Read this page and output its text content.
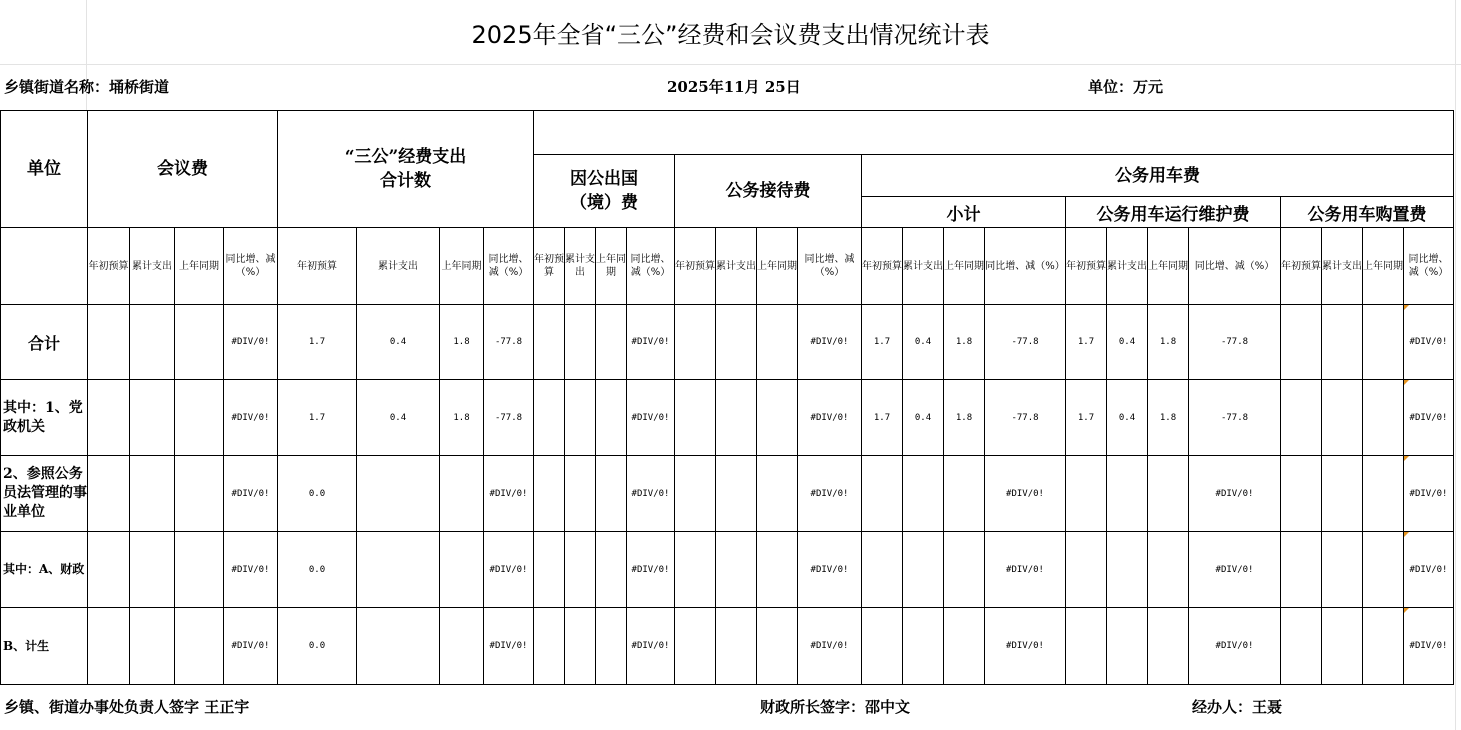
2025年全省“三公”经费和会议费支出情况统计表
乡镇街道名称：埇桥街道	2025年11月 25日	单位：万元
单位	会议费				“三公”经费支出合计数																							
									因公出国（境）费				公务接待费				公务用车费											
																	小计				公务用车运行维护费				公务用车购置费			
	年初预算	累计支出	上年同期	同比增、减（%）	年初预算	累计支出	上年同期	同比增、减（%）	年初预算	累计支出	上年同期	同比增、减（%）	年初预算	累计支出	上年同期	同比增、减（%）	年初预算	累计支出	上年同期	同比增、减（%）	年初预算	累计支出	上年同期	同比增、减（%）	年初预算	累计支出	上年同期	同比增、减（%）
合计				#DIV/0!	1.7	0.4	1.8	-77.8				#DIV/0!				#DIV/0!	1.7	0.4	1.8	-77.8	1.7	0.4	1.8	-77.8				#DIV/0!
其中：1、党政机关				#DIV/0!	1.7	0.4	1.8	-77.8				#DIV/0!				#DIV/0!	1.7	0.4	1.8	-77.8	1.7	0.4	1.8	-77.8				#DIV/0!
2、参照公务员法管理的事业单位				#DIV/0!	0.0			#DIV/0!				#DIV/0!				#DIV/0!				#DIV/0!				#DIV/0!				#DIV/0!
其中：A、财政				#DIV/0!	0.0			#DIV/0!				#DIV/0!				#DIV/0!				#DIV/0!				#DIV/0!				#DIV/0!
B、计生				#DIV/0!	0.0			#DIV/0!				#DIV/0!				#DIV/0!				#DIV/0!				#DIV/0!				#DIV/0!
乡镇、街道办事处负责人签字 王正宇	财政所长签字：邵中文	经办人：王聂
